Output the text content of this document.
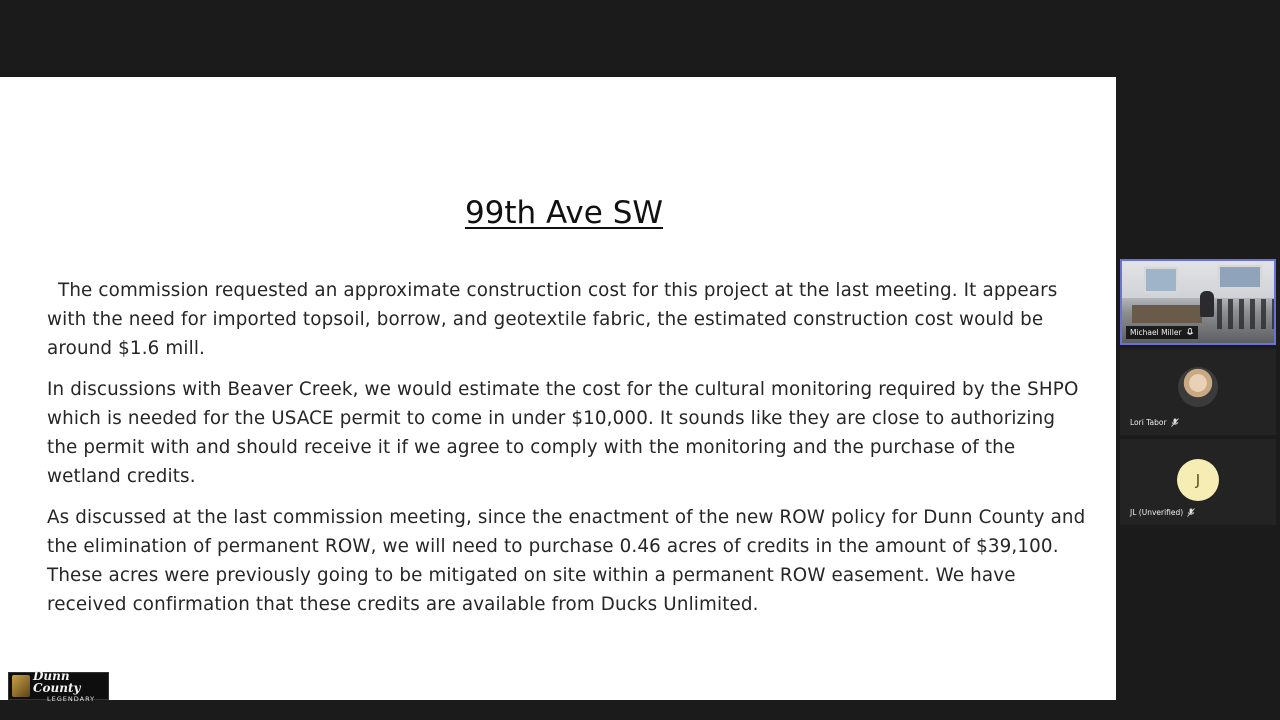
99th Ave SW

The commission requested an approximate construction cost for this project at the last meeting. It appears with the need for imported topsoil, borrow, and geotextile fabric, the estimated construction cost would be around $1.6 mill.

In discussions with Beaver Creek, we would estimate the cost for the cultural monitoring required by the SHPO which is needed for the USACE permit to come in under $10,000. It sounds like they are close to authorizing the permit with and should receive it if we agree to comply with the monitoring and the purchase of the wetland credits.

As discussed at the last commission meeting, since the enactment of the new ROW policy for Dunn County and the elimination of permanent ROW, we will need to purchase 0.46 acres of credits in the amount of $39,100. These acres were previously going to be mitigated on site within a permanent ROW easement. We have received confirmation that these credits are available from Ducks Unlimited.

Dunn County
LEGENDARY
Michael Miller
Lori Tabor
J
JL (Unverified)
